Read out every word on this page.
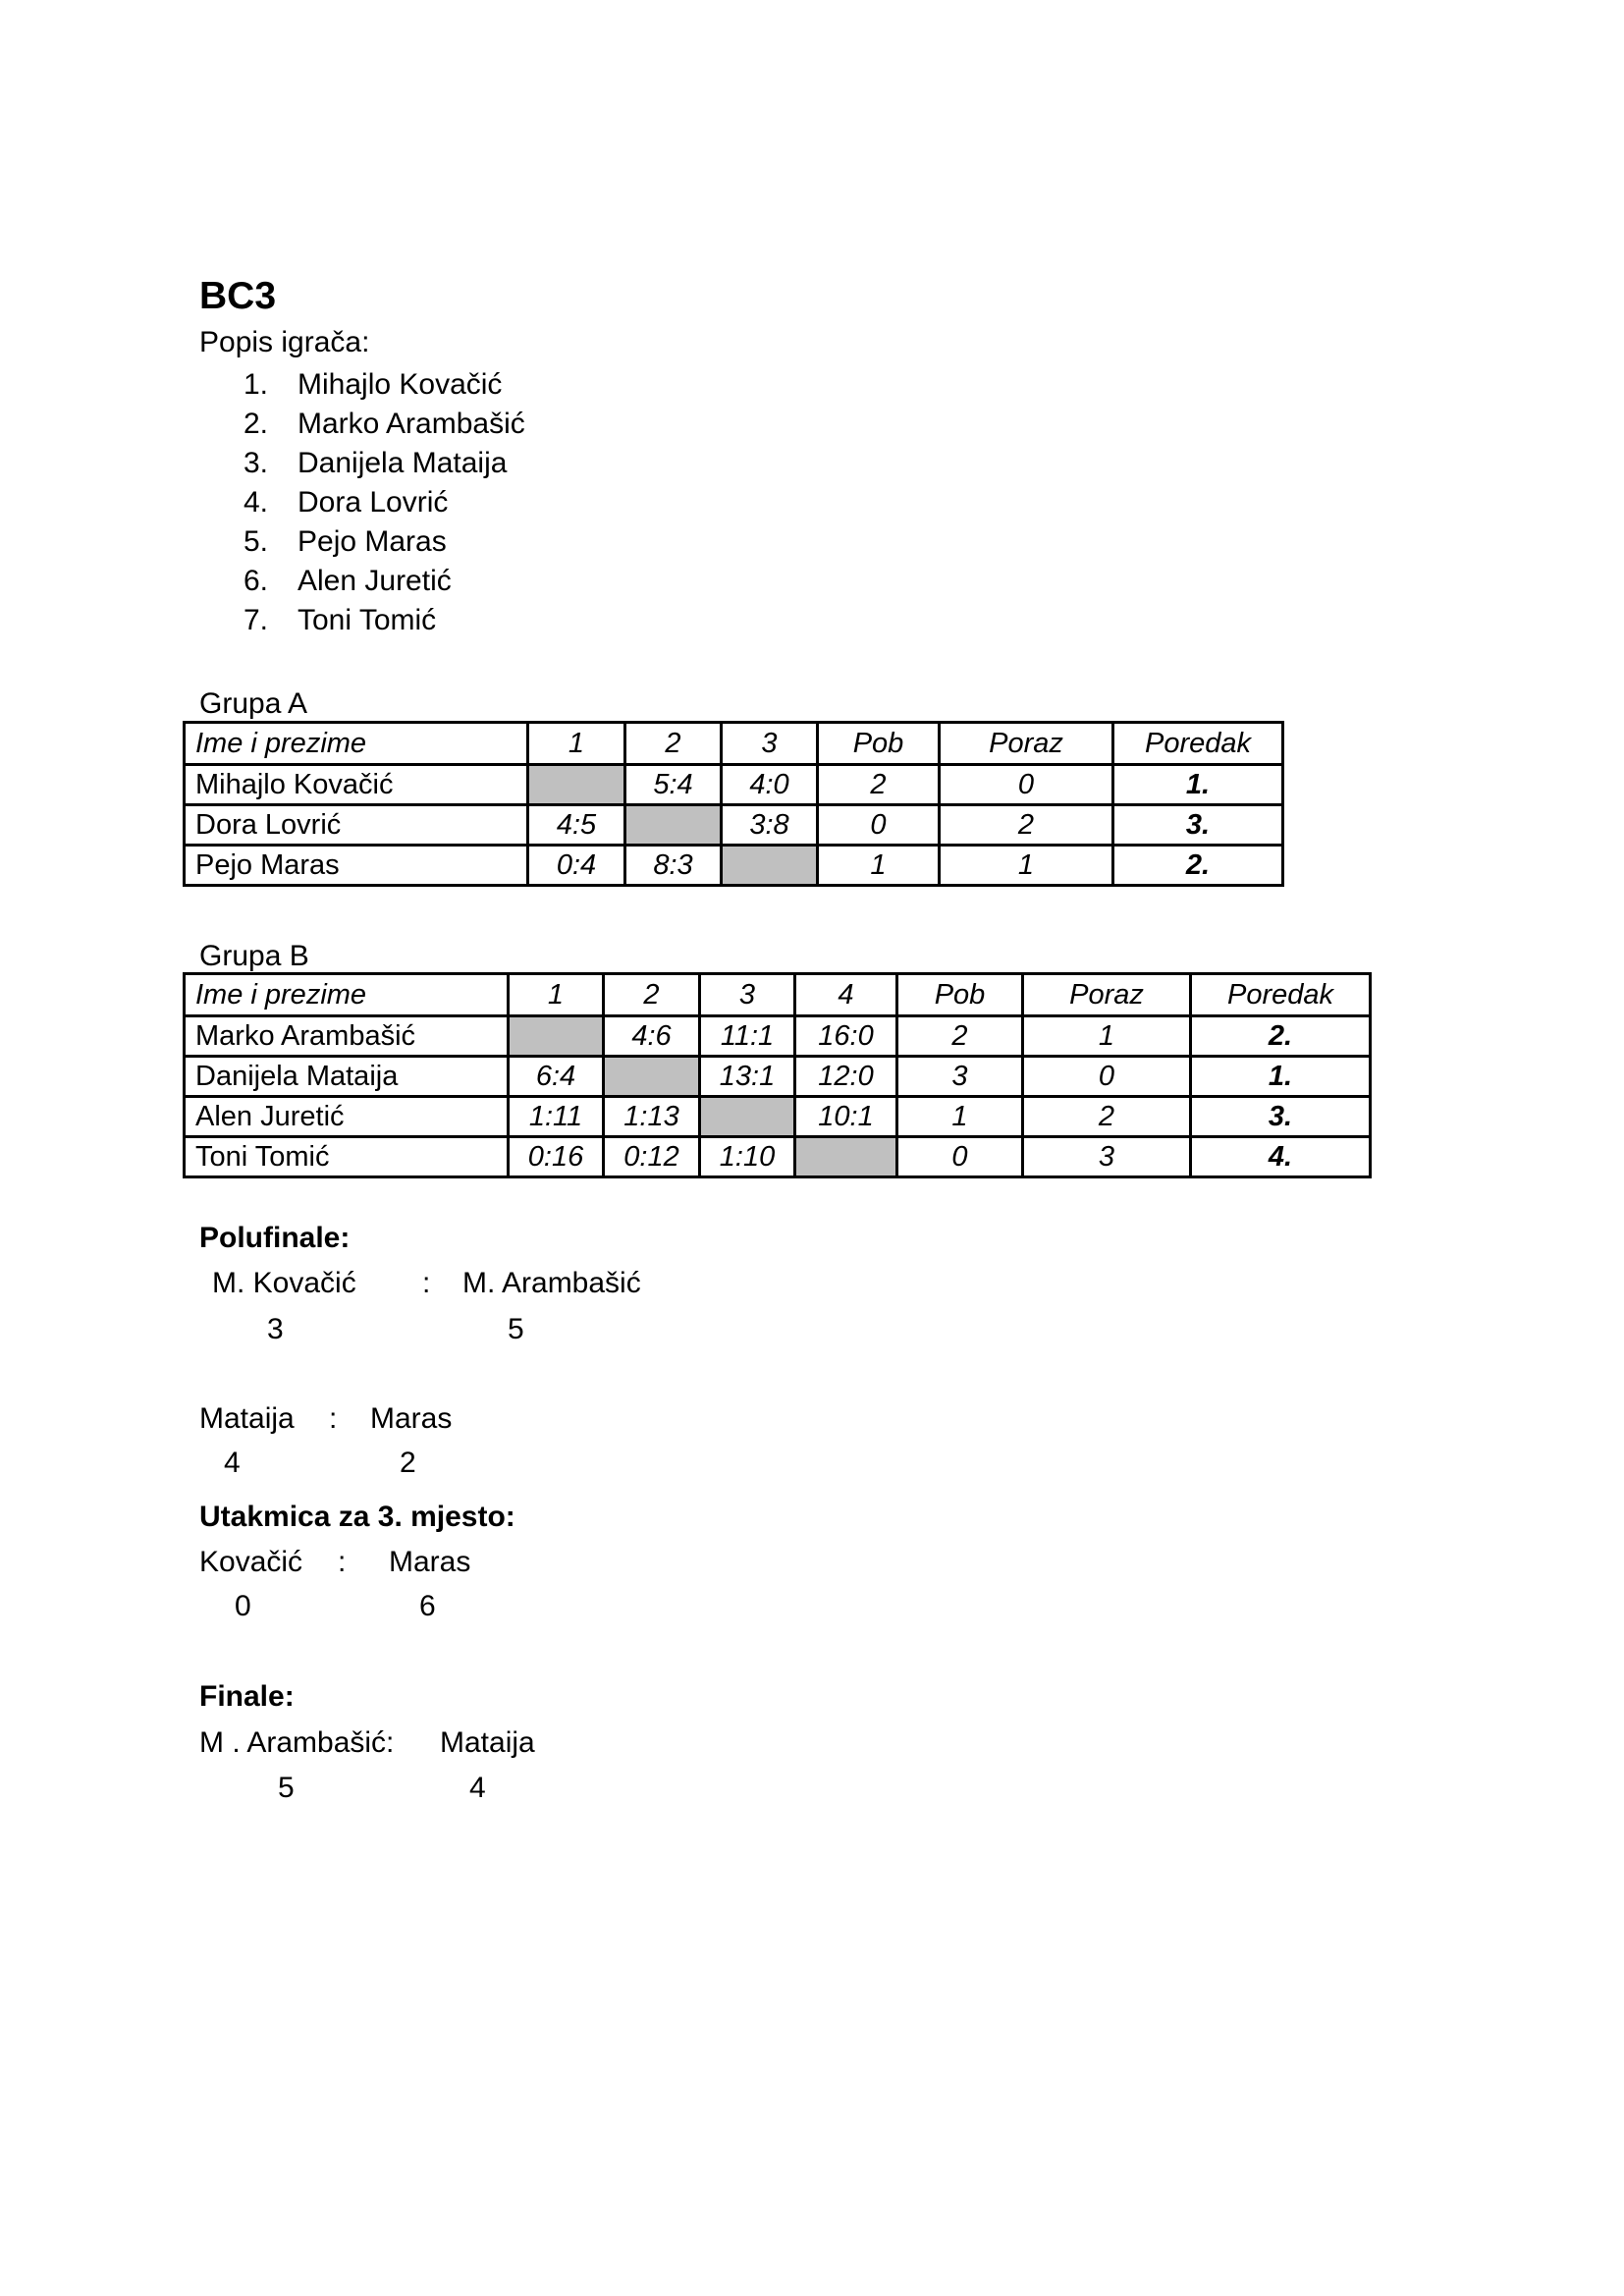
BC3
Popis igrača:
1. Mihajlo Kovačić
2. Marko Arambašić
3. Danijela Mataija
4. Dora Lovrić
5. Pejo Maras
6. Alen Juretić
7. Toni Tomić
Grupa A
Ime i prezime	1	2	3	Pob	Poraz	Poredak
Mihajlo Kovačić		5:4	4:0	2	0	1.
Dora Lovrić	4:5		3:8	0	2	3.
Pejo Maras	0:4	8:3		1	1	2.
Grupa B
Ime i prezime	1	2	3	4	Pob	Poraz	Poredak
Marko Arambašić		4:6	11:1	16:0	2	1	2.
Danijela Mataija	6:4		13:1	12:0	3	0	1.
Alen Juretić	1:11	1:13		10:1	1	2	3.
Toni Tomić	0:16	0:12	1:10		0	3	4.
Polufinale:
M. Kovačić : M. Arambašić
3	5
Mataija : Maras
4	2
Utakmica za 3. mjesto:
Kovačić : Maras
0	6
Finale:
M . Arambašić: Mataija
5	4
